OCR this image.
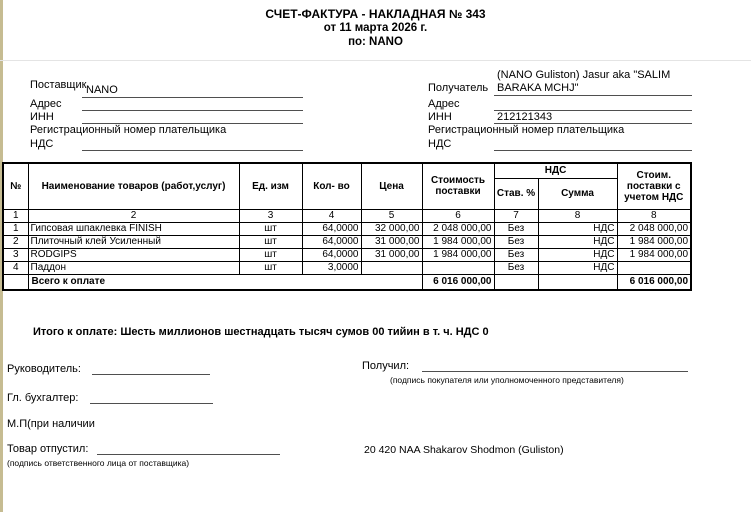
СЧЕТ-ФАКТУРА - НАКЛАДНАЯ № 343
от 11 марта 2026 г.
по: NANO
Поставщик NANO
Адрес
ИНН
Регистрационный номер плательщика
НДС
(NANO Guliston) Jasur aka "SALIM
Получатель BARAKA MCHJ"
Адрес
ИНН	212121343
Регистрационный номер плательщика
НДС
№	Наименование товаров (работ,услуг)	Ед. изм	Кол- во	Цена	Стоимость поставки	НДС		Стоим. поставки с учетом НДС
						Став. %	Сумма	
1	2	3	4	5	6	7	8	8
1	Гипсовая шпаклевка FINISH	шт	64,0000	32 000,00	2 048 000,00	Без	НДС	2 048 000,00
2	Плиточный клей Усиленный	шт	64,0000	31 000,00	1 984 000,00	Без	НДС	1 984 000,00
3	RODGIPS	шт	64,0000	31 000,00	1 984 000,00	Без	НДС	1 984 000,00
4	Паддон	шт	3,0000			Без	НДС	
	Всего к оплате				6 016 000,00			6 016 000,00
Итого к оплате: Шесть миллионов шестнадцать тысяч сумов 00 тийин в т. ч. НДС 0
Руководитель:	Получил:
(подпись покупателя или уполномоченного представителя)
Гл. бухгалтер:
М.П(при наличии
Товар отпустил:
(подпись ответственного лица от поставщика)
20 420 NAA Shakarov Shodmon (Guliston)
